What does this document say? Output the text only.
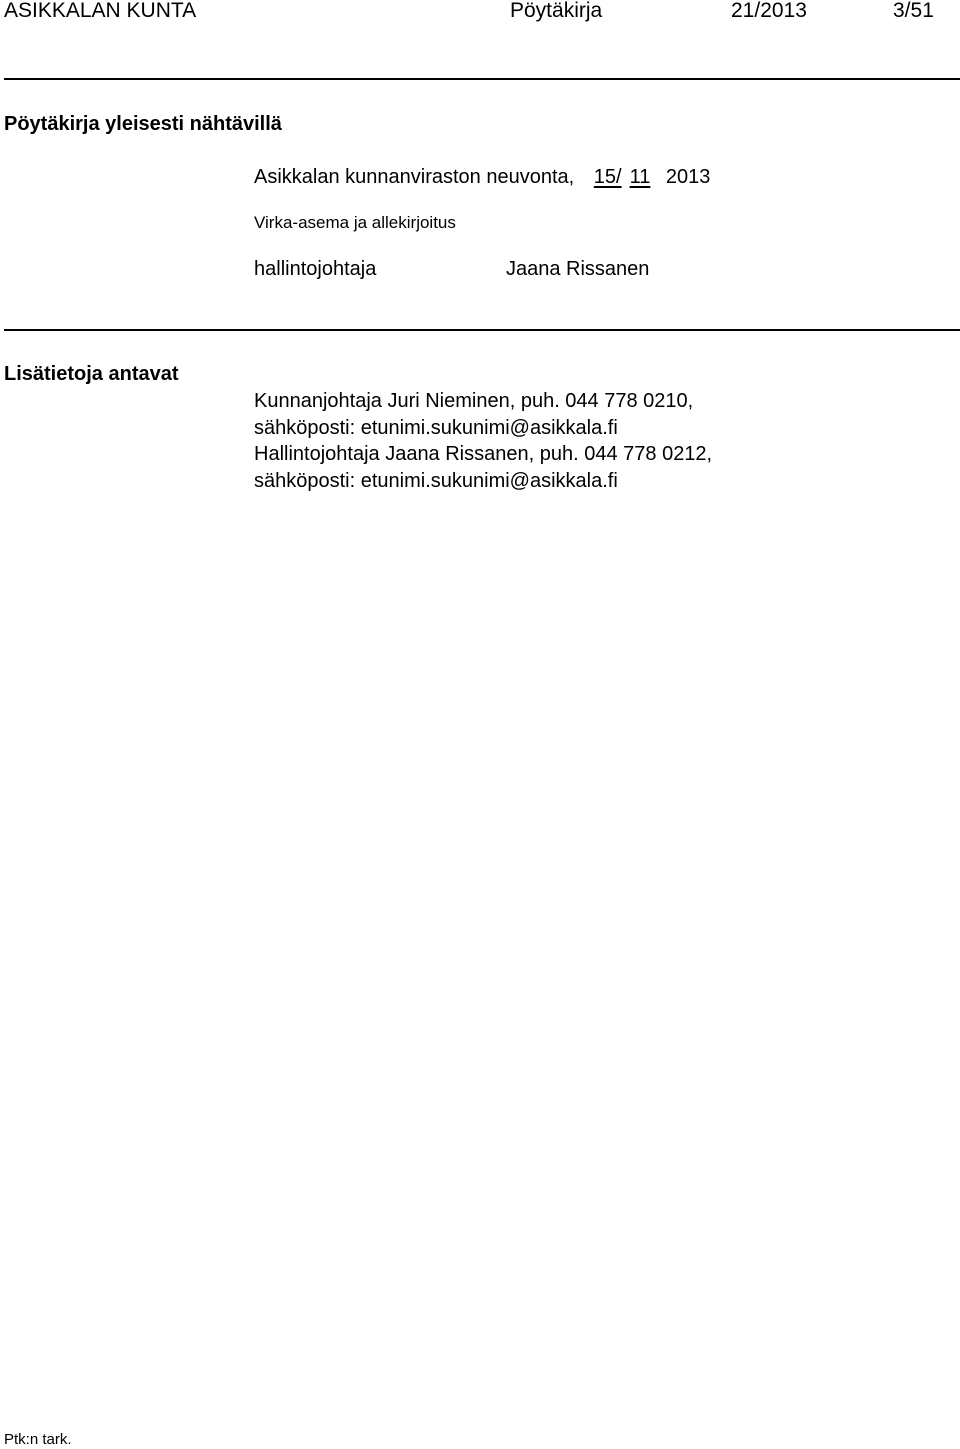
ASIKKALAN KUNTA	Pöytäkirja	21/2013	3/51
Pöytäkirja yleisesti nähtävillä
Asikkalan kunnanviraston neuvonta, 15/ 11 2013
Virka-asema ja allekirjoitus
hallintojohtaja	Jaana Rissanen
Lisätietoja antavat
Kunnanjohtaja Juri Nieminen, puh. 044 778 0210,
sähköposti: etunimi.sukunimi@asikkala.fi
Hallintojohtaja Jaana Rissanen, puh. 044 778 0212,
sähköposti: etunimi.sukunimi@asikkala.fi
Ptk:n tark.
